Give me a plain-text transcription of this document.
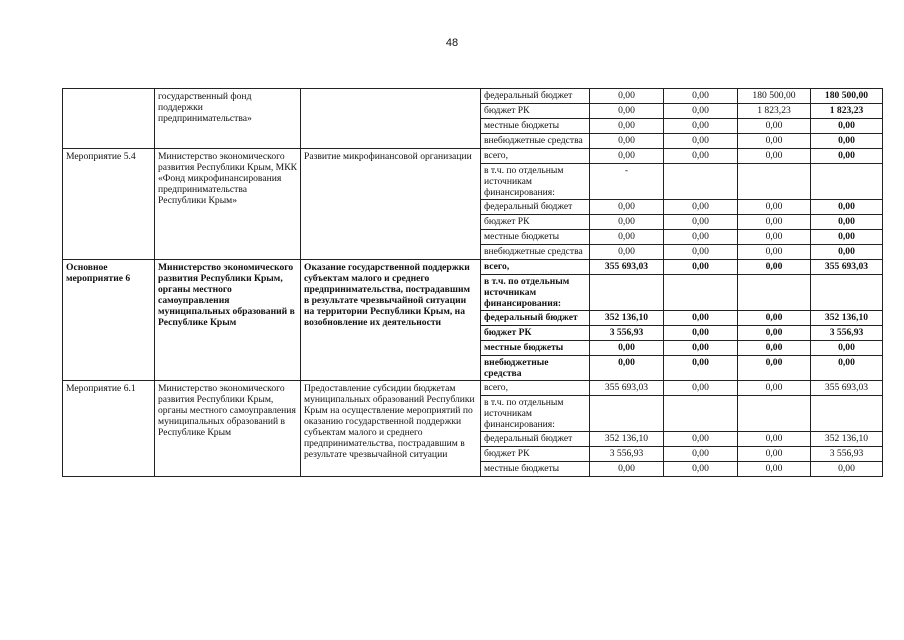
48
	государственный фонд поддержки предпринимательства»		федеральный бюджет	0,00	0,00	180 500,00	180 500,00
			бюджет РК	0,00	0,00	1 823,23	1 823,23
			местные бюджеты	0,00	0,00	0,00	0,00
			внебюджетные средства	0,00	0,00	0,00	0,00
Мероприятие 5.4	Министерство экономического развития Республики Крым, МКК «Фонд микрофинансирования предпринимательства Республики Крым»	Развитие микрофинансовой организации	всего,	0,00	0,00	0,00	0,00
			в т.ч. по отдельным источникам финансирования:	-			
			федеральный бюджет	0,00	0,00	0,00	0,00
			бюджет РК	0,00	0,00	0,00	0,00
			местные бюджеты	0,00	0,00	0,00	0,00
			внебюджетные средства	0,00	0,00	0,00	0,00
Основное мероприятие 6	Министерство экономического развития Республики Крым, органы местного самоуправления муниципальных образований в Республике Крым	Оказание государственной поддержки субъектам малого и среднего предпринимательства, пострадавшим в результате чрезвычайной ситуации на территории Республики Крым, на возобновление их деятельности	всего,	355 693,03	0,00	0,00	355 693,03
			в т.ч. по отдельным источникам финансирования:				
			федеральный бюджет	352 136,10	0,00	0,00	352 136,10
			бюджет РК	3 556,93	0,00	0,00	3 556,93
			местные бюджеты	0,00	0,00	0,00	0,00
			внебюджетные средства	0,00	0,00	0,00	0,00
Мероприятие 6.1	Министерство экономического развития Республики Крым, органы местного самоуправления муниципальных образований в Республике Крым	Предоставление субсидии бюджетам муниципальных образований Республики Крым на осуществление мероприятий по оказанию государственной поддержки субъектам малого и среднего предпринимательства, пострадавшим в результате чрезвычайной ситуации	всего,	355 693,03	0,00	0,00	355 693,03
			в т.ч. по отдельным источникам финансирования:				
			федеральный бюджет	352 136,10	0,00	0,00	352 136,10
			бюджет РК	3 556,93	0,00	0,00	3 556,93
			местные бюджеты	0,00	0,00	0,00	0,00
